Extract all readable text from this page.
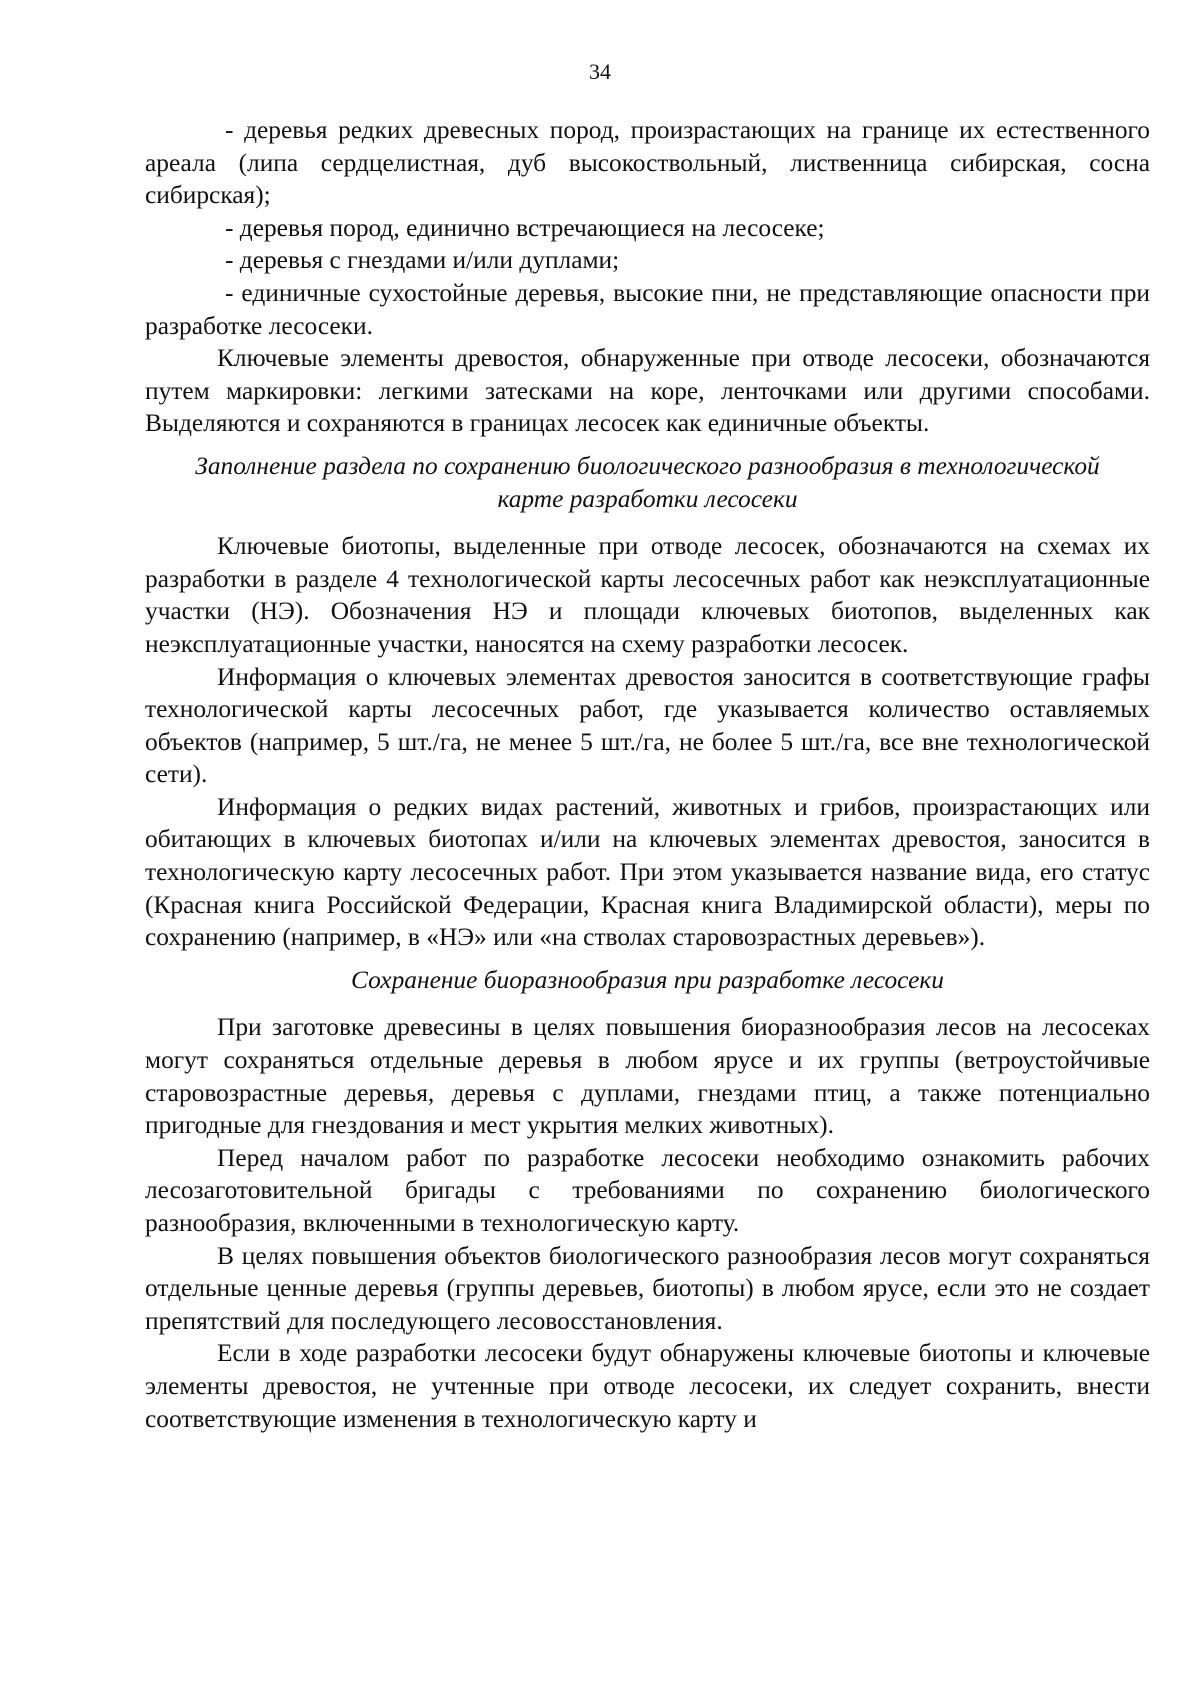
34

- деревья редких древесных пород, произрастающих на границе их естественного ареала (липа сердцелистная, дуб высокоствольный, лиственница сибирская, сосна сибирская);

- деревья пород, единично встречающиеся на лесосеке;

- деревья с гнездами и/или дуплами;

- единичные сухостойные деревья, высокие пни, не представляющие опасности при разработке лесосеки.

Ключевые элементы древостоя, обнаруженные при отводе лесосеки, обозначаются путем маркировки: легкими затесками на коре, ленточками или другими способами. Выделяются и сохраняются в границах лесосек как единичные объекты.

Заполнение раздела по сохранению биологического разнообразия в технологической карте разработки лесосеки

Ключевые биотопы, выделенные при отводе лесосек, обозначаются на схемах их разработки в разделе 4 технологической карты лесосечных работ как неэксплуатационные участки (НЭ). Обозначения НЭ и площади ключевых биотопов, выделенных как неэксплуатационные участки, наносятся на схему разработки лесосек.

Информация о ключевых элементах древостоя заносится в соответствующие графы технологической карты лесосечных работ, где указывается количество оставляемых объектов (например, 5 шт./га, не менее 5 шт./га, не более 5 шт./га, все вне технологической сети).

Информация о редких видах растений, животных и грибов, произрастающих или обитающих в ключевых биотопах и/или на ключевых элементах древостоя, заносится в технологическую карту лесосечных работ. При этом указывается название вида, его статус (Красная книга Российской Федерации, Красная книга Владимирской области), меры по сохранению (например, в «НЭ» или «на стволах старовозрастных деревьев»).

Сохранение биоразнообразия при разработке лесосеки

При заготовке древесины в целях повышения биоразнообразия лесов на лесосеках могут сохраняться отдельные деревья в любом ярусе и их группы (ветроустойчивые старовозрастные деревья, деревья с дуплами, гнездами птиц, а также потенциально пригодные для гнездования и мест укрытия мелких животных).

Перед началом работ по разработке лесосеки необходимо ознакомить рабочих лесозаготовительной бригады с требованиями по сохранению биологического разнообразия, включенными в технологическую карту.

В целях повышения объектов биологического разнообразия лесов могут сохраняться отдельные ценные деревья (группы деревьев, биотопы) в любом ярусе, если это не создает препятствий для последующего лесовосстановления.

Если в ходе разработки лесосеки будут обнаружены ключевые биотопы и ключевые элементы древостоя, не учтенные при отводе лесосеки, их следует сохранить, внести соответствующие изменения в технологическую карту и
